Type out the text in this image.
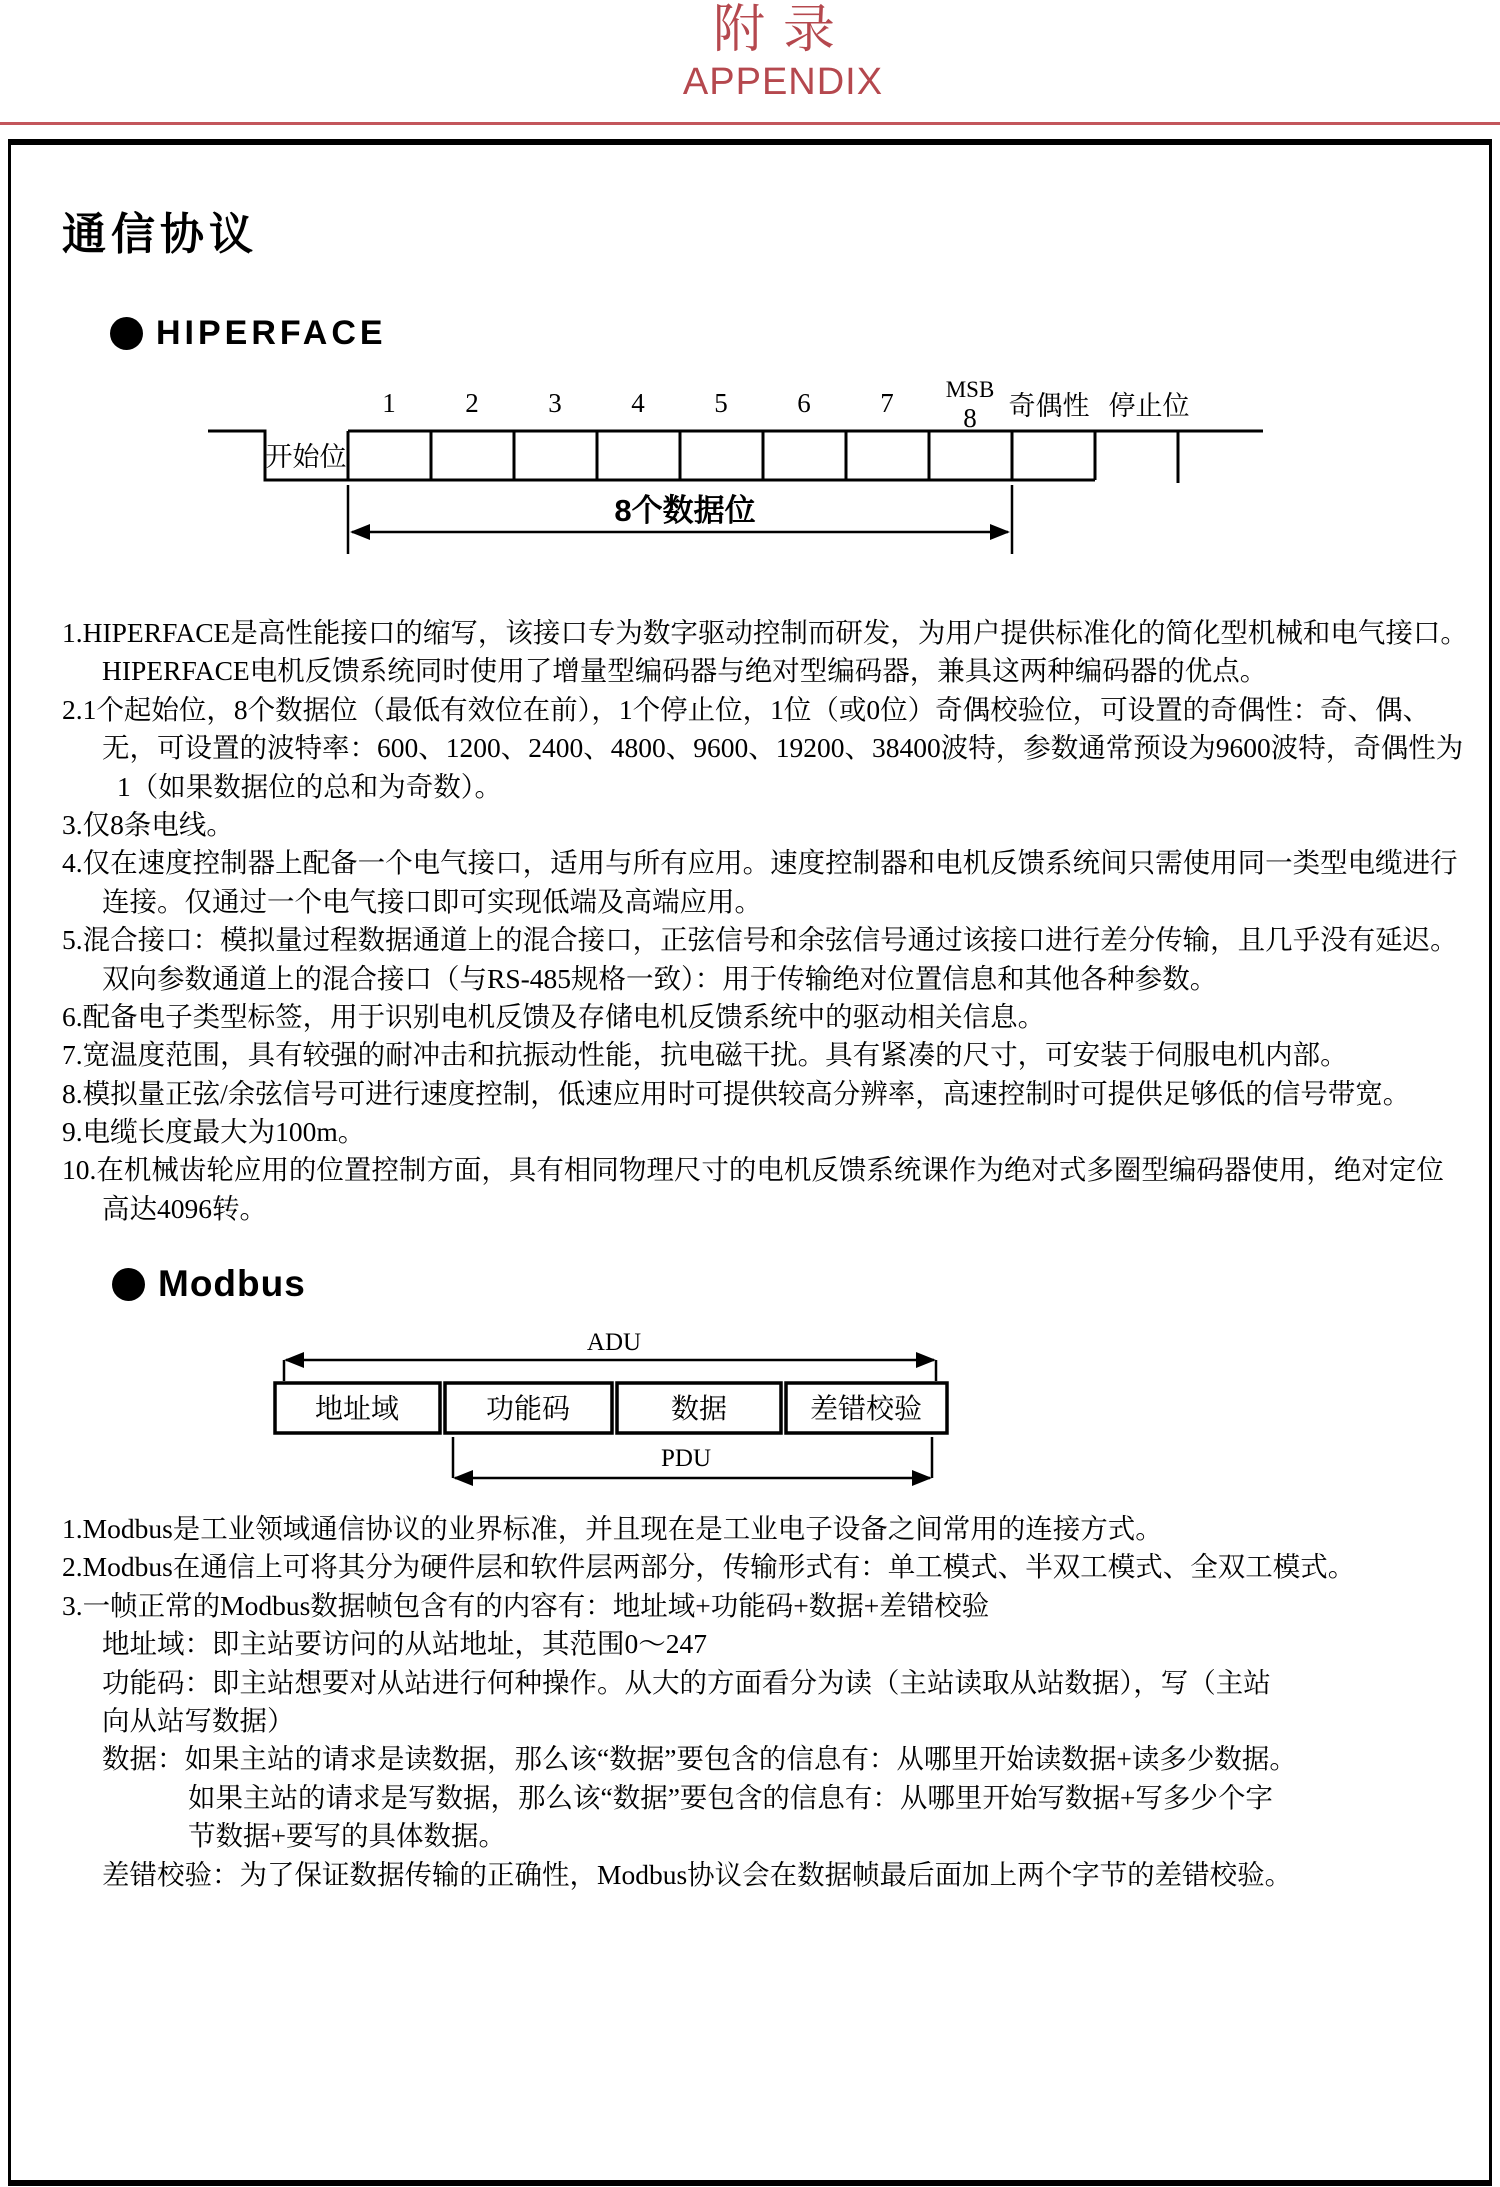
附录
APPENDIX
通信协议
HIPERFACE
1	2	3	4	5	6	7 MSB
8 奇偶性 停止位
开始位
8个数据位
1.HIPERFACE是高性能接口的缩写，该接口专为数字驱动控制而研发，为用户提供标准化的简化型机械和电气接口。
HIPERFACE电机反馈系统同时使用了增量型编码器与绝对型编码器，兼具这两种编码器的优点。
2.1个起始位，8个数据位（最低有效位在前），1个停止位，1位（或0位）奇偶校验位，可设置的奇偶性：奇、偶、
无，可设置的波特率：600、1200、2400、4800、9600、19200、38400波特，参数通常预设为9600波特，奇偶性为
1（如果数据位的总和为奇数）。
3.仅8条电线。
4.仅在速度控制器上配备一个电气接口，适用与所有应用。速度控制器和电机反馈系统间只需使用同一类型电缆进行
连接。仅通过一个电气接口即可实现低端及高端应用。
5.混合接口：模拟量过程数据通道上的混合接口，正弦信号和余弦信号通过该接口进行差分传输，且几乎没有延迟。
双向参数通道上的混合接口（与RS-485规格一致）：用于传输绝对位置信息和其他各种参数。
6.配备电子类型标签，用于识别电机反馈及存储电机反馈系统中的驱动相关信息。
7.宽温度范围，具有较强的耐冲击和抗振动性能，抗电磁干扰。具有紧凑的尺寸，可安装于伺服电机内部。
8.模拟量正弦/余弦信号可进行速度控制，低速应用时可提供较高分辨率，高速控制时可提供足够低的信号带宽。
9.电缆长度最大为100m。
10.在机械齿轮应用的位置控制方面，具有相同物理尺寸的电机反馈系统课作为绝对式多圈型编码器使用，绝对定位
高达4096转。
Modbus
ADU
地址域	功能码	数据	差错校验
PDU
1.Modbus是工业领域通信协议的业界标准，并且现在是工业电子设备之间常用的连接方式。
2.Modbus在通信上可将其分为硬件层和软件层两部分，传输形式有：单工模式、半双工模式、全双工模式。
3.一帧正常的Modbus数据帧包含有的内容有：地址域+功能码+数据+差错校验
地址域：即主站要访问的从站地址，其范围0～247
功能码：即主站想要对从站进行何种操作。从大的方面看分为读（主站读取从站数据），写（主站
向从站写数据）
数据：如果主站的请求是读数据，那么该“数据”要包含的信息有：从哪里开始读数据+读多少数据。
如果主站的请求是写数据，那么该“数据”要包含的信息有：从哪里开始写数据+写多少个字
节数据+要写的具体数据。
差错校验：为了保证数据传输的正确性，Modbus协议会在数据帧最后面加上两个字节的差错校验。
